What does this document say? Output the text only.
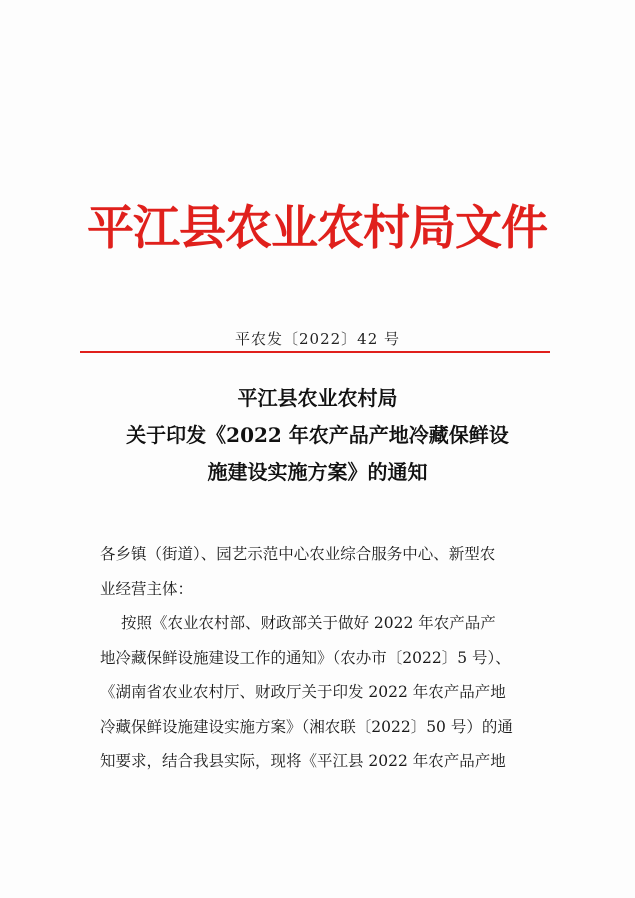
平江县农业农村局文件
平农发〔2022〕42 号
平江县农业农村局
关于印发《2022 年农产品产地冷藏保鲜设
施建设实施方案》的通知
各乡镇（街道）、园艺示范中心农业综合服务中心、新型农
业经营主体：
按照《农业农村部、财政部关于做好 2022 年农产品产
地冷藏保鲜设施建设工作的通知》（农办市〔2022〕5 号）、
《湖南省农业农村厅、财政厅关于印发 2022 年农产品产地
冷藏保鲜设施建设实施方案》（湘农联〔2022〕50 号）的通
知要求，结合我县实际，现将《平江县 2022 年农产品产地
